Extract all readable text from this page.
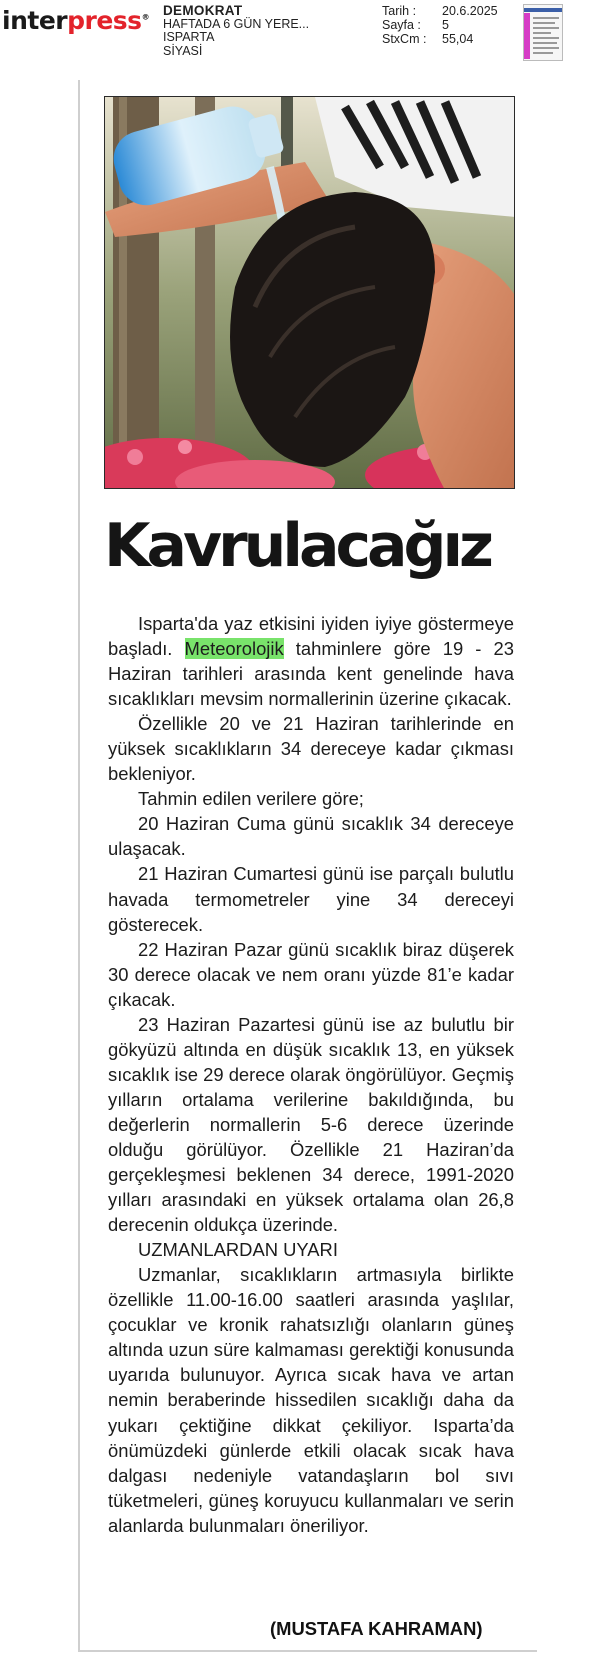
interpress® DEMOKRAT
HAFTADA 6 GÜN YERE...
ISPARTA
SİYASİ
Tarih :	20.6.2025
Sayfa :	5
StxCm :	55,04
Kavrulacağız

Isparta'da yaz etkisini iyiden iyiye göstermeye başladı. Meteorolojik tahminlere göre 19 - 23 Haziran tarihleri arasında kent genelinde hava sıcaklıkları mevsim normallerinin üzerine çıkacak.

Özellikle 20 ve 21 Haziran tarihlerinde en yüksek sıcaklıkların 34 dereceye kadar çıkması bekleniyor.

Tahmin edilen verilere göre;

20 Haziran Cuma günü sıcaklık 34 dereceye ulaşacak.

21 Haziran Cumartesi günü ise parçalı bulutlu havada termometreler yine 34 dereceyi gösterecek.

22 Haziran Pazar günü sıcaklık biraz düşerek 30 derece olacak ve nem oranı yüzde 81’e kadar çıkacak.

23 Haziran Pazartesi günü ise az bulutlu bir gökyüzü altında en düşük sıcaklık 13, en yüksek sıcaklık ise 29 derece olarak öngörülüyor. Geçmiş yılların ortalama verilerine bakıldığında, bu değerlerin normallerin 5-6 derece üzerinde olduğu görülüyor. Özellikle 21 Haziran’da gerçekleşmesi beklenen 34 derece, 1991-2020 yılları arasındaki en yüksek ortalama olan 26,8 derecenin oldukça üzerinde.

UZMANLARDAN UYARI

Uzmanlar, sıcaklıkların artmasıyla birlikte özellikle 11.00-16.00 saatleri arasında yaşlılar, çocuklar ve kronik rahatsızlığı olanların güneş altında uzun süre kalmaması gerektiği konusunda uyarıda bulunuyor. Ayrıca sıcak hava ve artan nemin beraberinde hissedilen sıcaklığı daha da yukarı çektiğine dikkat çekiliyor. Isparta’da önümüzdeki günlerde etkili olacak sıcak hava dalgası nedeniyle vatandaşların bol sıvı tüketmeleri, güneş koruyucu kullanmaları ve serin alanlarda bulunmaları öneriliyor.

(MUSTAFA KAHRAMAN)
